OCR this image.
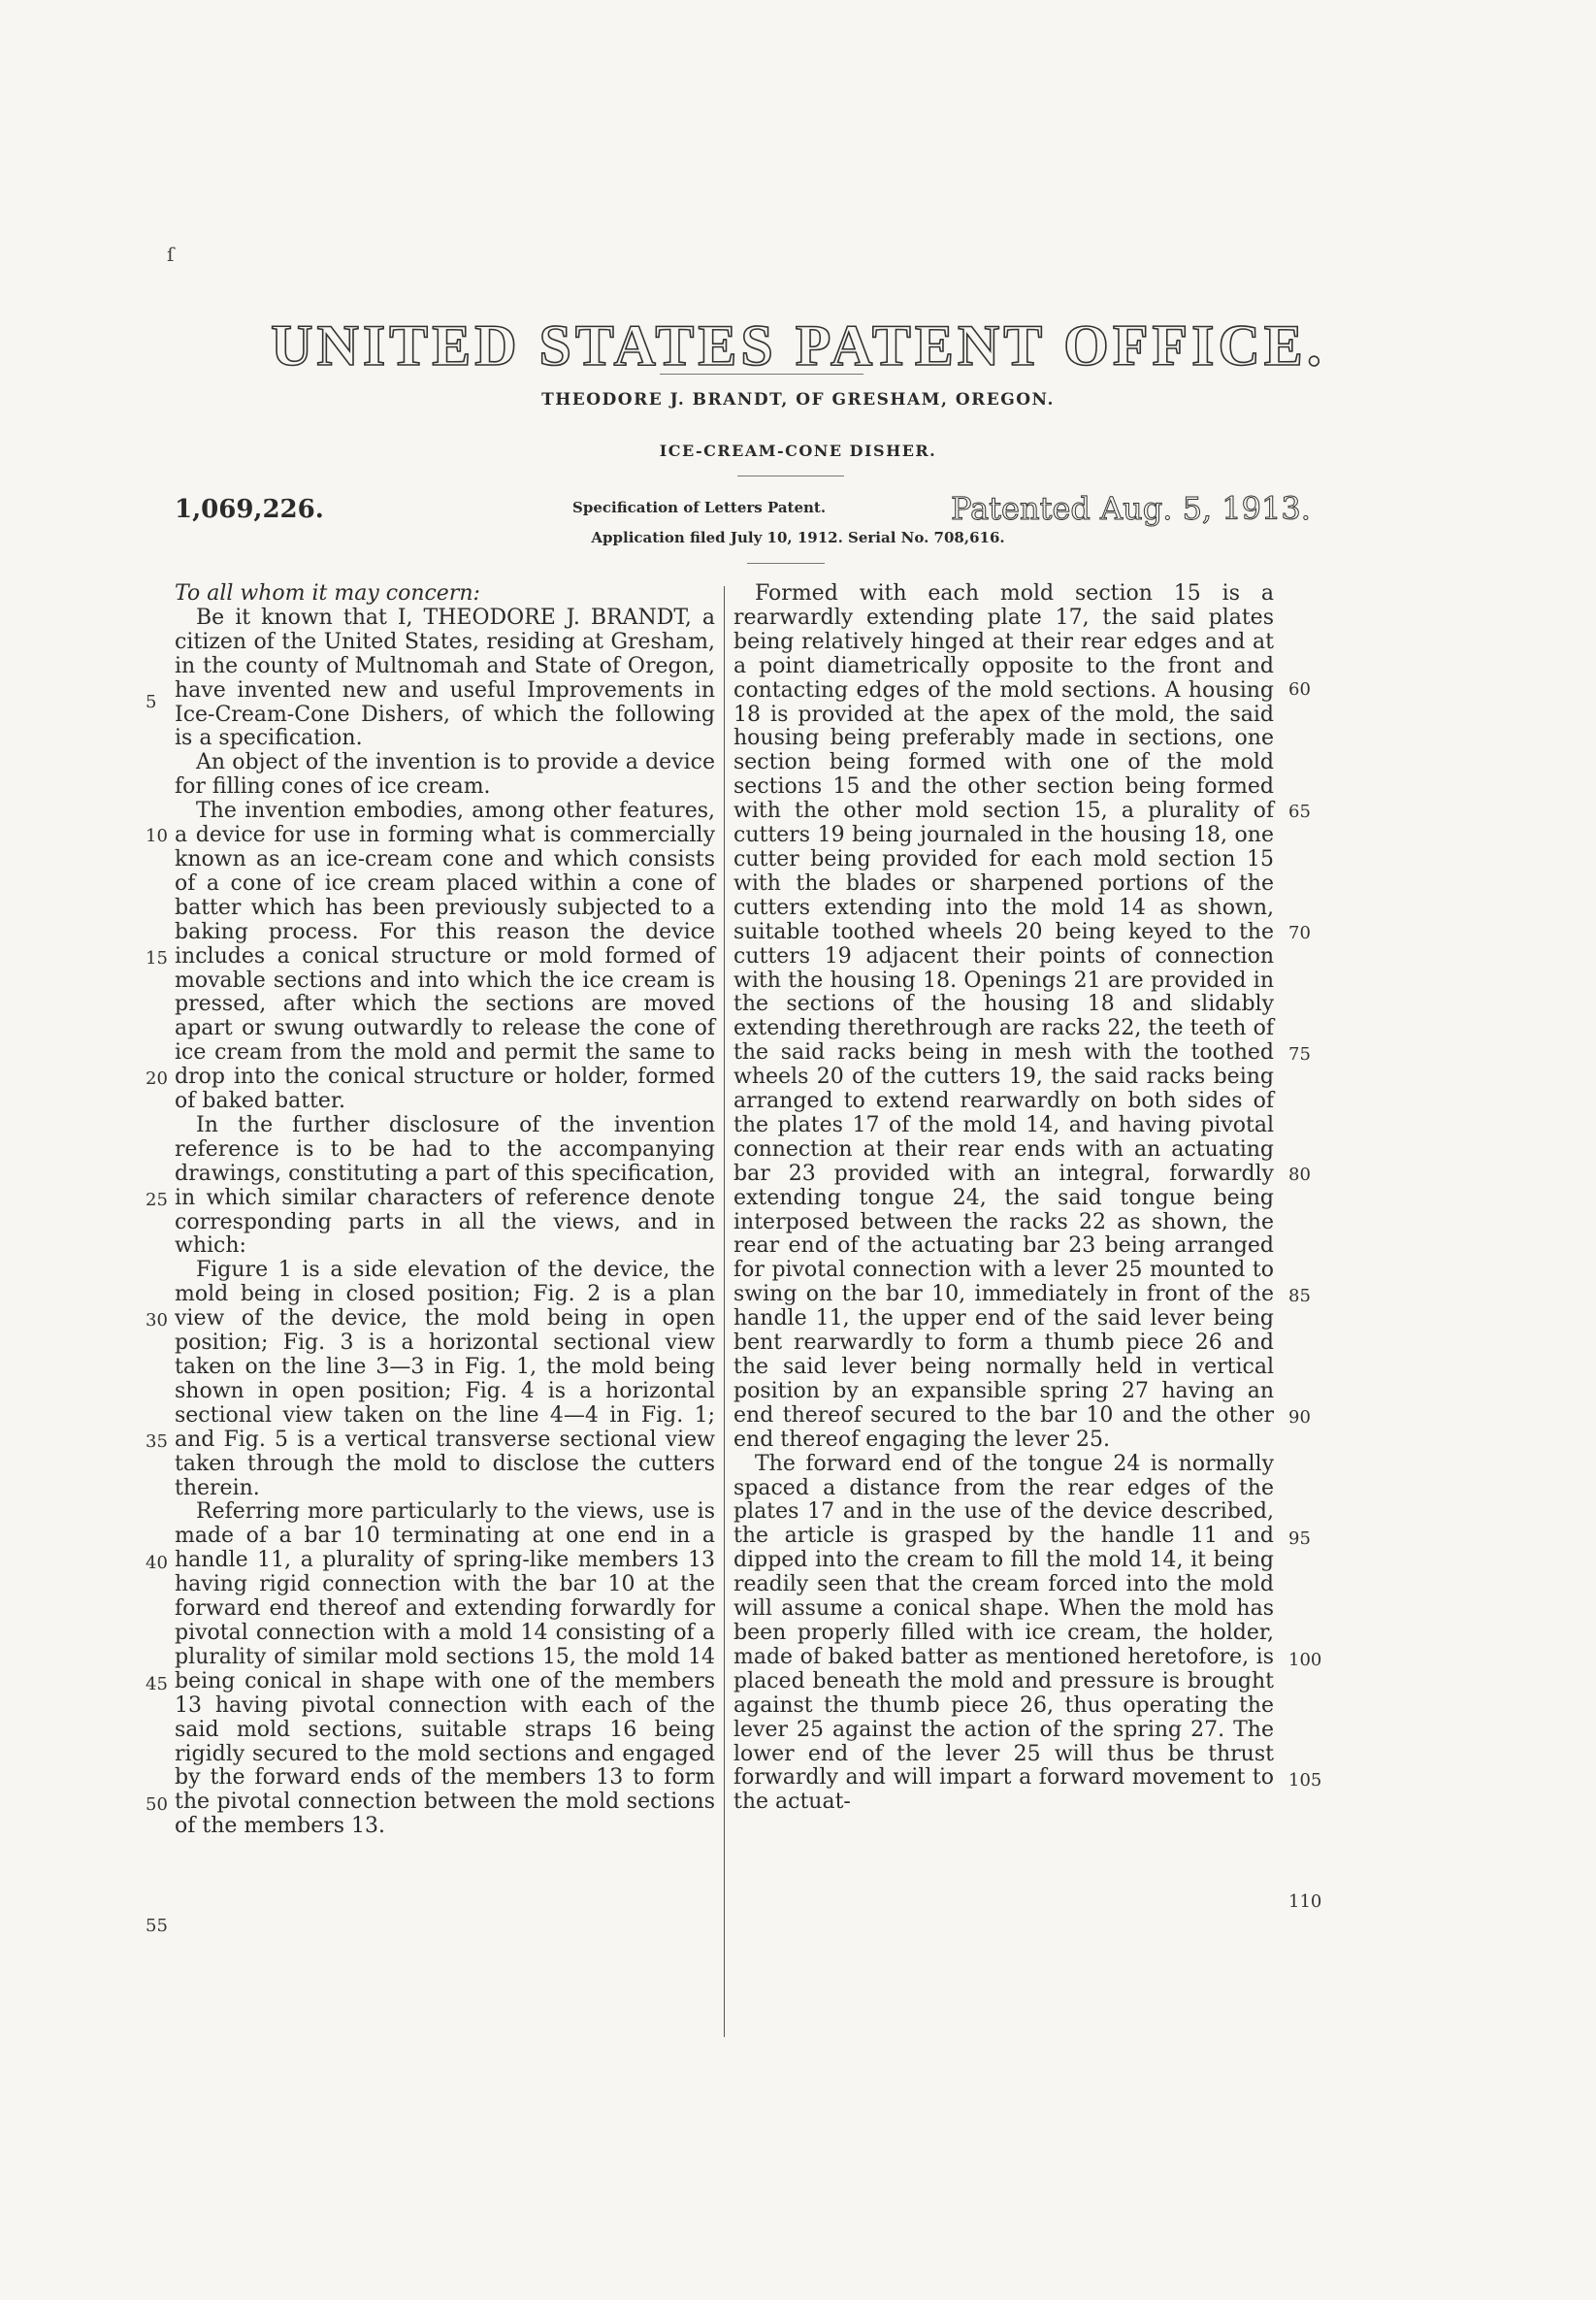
ſ
UNITED STATES PATENT OFFICE.
THEODORE J. BRANDT, OF GRESHAM, OREGON.
ICE-CREAM-CONE DISHER.
1,069,226.	Specification of Letters Patent.	Patented Aug. 5, 1913.
Application filed July 10, 1912. Serial No. 708,616.

To all whom it may concern:

Be it known that I, THEODORE J. BRANDT, a citizen of the United States, residing at Gresham, in the county of Multnomah and State of Oregon, have invented new and useful Improvements in Ice-Cream-Cone Dishers, of which the following is a specification.

An object of the invention is to provide a device for filling cones of ice cream.

The invention embodies, among other features, a device for use in forming what is commercially known as an ice-cream cone and which consists of a cone of ice cream placed within a cone of batter which has been previously subjected to a baking process. For this reason the device includes a conical structure or mold formed of movable sections and into which the ice cream is pressed, after which the sections are moved apart or swung outwardly to release the cone of ice cream from the mold and permit the same to drop into the conical structure or holder, formed of baked batter.

In the further disclosure of the invention reference is to be had to the accompanying drawings, constituting a part of this specification, in which similar characters of reference denote corresponding parts in all the views, and in which:

Figure 1 is a side elevation of the device, the mold being in closed position; Fig. 2 is a plan view of the device, the mold being in open position; Fig. 3 is a horizontal sectional view taken on the line 3—3 in Fig. 1, the mold being shown in open position; Fig. 4 is a horizontal sectional view taken on the line 4—4 in Fig. 1; and Fig. 5 is a vertical transverse sectional view taken through the mold to disclose the cutters therein.

Referring more particularly to the views, use is made of a bar 10 terminating at one end in a handle 11, a plurality of spring-like members 13 having rigid connection with the bar 10 at the forward end thereof and extending forwardly for pivotal connection with a mold 14 consisting of a plurality of similar mold sections 15, the mold 14 being conical in shape with one of the members 13 having pivotal connection with each of the said mold sections, suitable straps 16 being rigidly secured to the mold sections and engaged by the forward ends of the members 13 to form the pivotal connection between the mold sections of the members 13.

Formed with each mold section 15 is a rearwardly extending plate 17, the said plates being relatively hinged at their rear edges and at a point diametrically opposite to the front and contacting edges of the mold sections. A housing 18 is provided at the apex of the mold, the said housing being preferably made in sections, one section being formed with one of the mold sections 15 and the other section being formed with the other mold section 15, a plurality of cutters 19 being journaled in the housing 18, one cutter being provided for each mold section 15 with the blades or sharpened portions of the cutters extending into the mold 14 as shown, suitable toothed wheels 20 being keyed to the cutters 19 adjacent their points of connection with the housing 18. Openings 21 are provided in the sections of the housing 18 and slidably extending therethrough are racks 22, the teeth of the said racks being in mesh with the toothed wheels 20 of the cutters 19, the said racks being arranged to extend rearwardly on both sides of the plates 17 of the mold 14, and having pivotal connection at their rear ends with an actuating bar 23 provided with an integral, forwardly extending tongue 24, the said tongue being interposed between the racks 22 as shown, the rear end of the actuating bar 23 being arranged for pivotal connection with a lever 25 mounted to swing on the bar 10, immediately in front of the handle 11, the upper end of the said lever being bent rearwardly to form a thumb piece 26 and the said lever being normally held in vertical position by an expansible spring 27 having an end thereof secured to the bar 10 and the other end thereof engaging the lever 25.

The forward end of the tongue 24 is normally spaced a distance from the rear edges of the plates 17 and in the use of the device described, the article is grasped by the handle 11 and dipped into the cream to fill the mold 14, it being readily seen that the cream forced into the mold will assume a conical shape. When the mold has been properly filled with ice cream, the holder, made of baked batter as mentioned heretofore, is placed beneath the mold and pressure is brought against the thumb piece 26, thus operating the lever 25 against the action of the spring 27. The lower end of the lever 25 will thus be thrust forwardly and will impart a forward movement to the actuat-

5
10
15
20
25
30
35
40
45
50
55
60
65
70
75
80
85
90
95
100
105
110
